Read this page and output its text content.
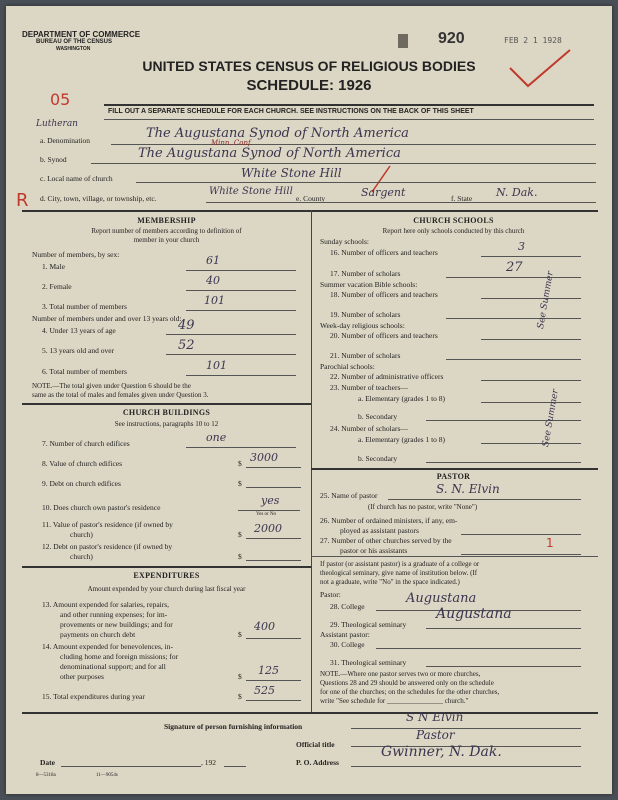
DEPARTMENT OF COMMERCE
BUREAU OF THE CENSUS
WASHINGTON
920	FEB 2 1 1928
UNITED STATES CENSUS OF RELIGIOUS BODIES
SCHEDULE: 1926
05
FILL OUT A SEPARATE SCHEDULE FOR EACH CHURCH. SEE INSTRUCTIONS ON THE BACK OF THIS SHEET
Lutheran
a. Denomination	The Augustana Synod of North America
Minn. Conf.
b. Synod	The Augustana Synod of North America
c. Local name of church	White Stone Hill
R d. City, town, village, or township, etc.
White Stone Hill
e. County	Sargent	f. State N. Dak.
MEMBERSHIP
Report number of members according to definition of
member in your church
Number of members, by sex:
1. Male	61
2. Female	40
3. Total number of members	101
Number of members under and over 13 years old:
4. Under 13 years of age	49
5. 13 years old and over	52
6. Total number of members	101
NOTE.—The total given under Question 6 should be the
same as the total of males and females given under Question 3.
CHURCH BUILDINGS
See instructions, paragraphs 10 to 12
7. Number of church edifices	one
8. Value of church edifices	$ 3000
9. Debt on church edifices	$
10. Does church own pastor's residence
yes
Yes or No
11. Value of pastor's residence (if owned by
church)	$ 2000
12. Debt on pastor's residence (if owned by
church)	$
EXPENDITURES
Amount expended by your church during last fiscal year
13. Amount expended for salaries, repairs,
and other running expenses; for im-
provements or new buildings; and for
payments on church debt	$
400
14. Amount expended for benevolences, in-
cluding home and foreign missions; for
denominational support; and for all
other purposes	$ 125
15. Total expenditures during year	$ 525
CHURCH SCHOOLS
Report here only schools conducted by this church
Sunday schools:
16. Number of officers and teachers	3
17. Number of scholars	27
Summer vacation Bible schools:
18. Number of officers and teachers
19. Number of scholars
Week-day religious schools:
20. Number of officers and teachers
21. Number of scholars
Parochial schools:
22. Number of administrative officers
23. Number of teachers—
a. Elementary (grades 1 to 8)
b. Secondary
24. Number of scholars—
a. Elementary (grades 1 to 8)
b. Secondary
See Summer
See Summer
PASTOR
25. Name of pastor	S. N. Elvin
(If church has no pastor, write "None")
26. Number of ordained ministers, if any, em-
ployed as assistant pastors
27. Number of other churches served by the
pastor or his assistants
1
If pastor (or assistant pastor) is a graduate of a college or
theological seminary, give name of institution below. (If
not a graduate, write "No" in the space indicated.)
Pastor:
28. College
Augustana
29. Theological seminary
Augustana
Assistant pastor:
30. College
31. Theological seminary
NOTE.—Where one pastor serves two or more churches,
Questions 28 and 29 should be answered only on the schedule
for one of the churches; on the schedules for the other churches,
write "See schedule for ________________ church."
Signature of person furnishing information
S N Elvin
Official title
Pastor
Date	, 192	P. O. Address
Gwinner, N. Dak.
8—5318a	11—9054s
